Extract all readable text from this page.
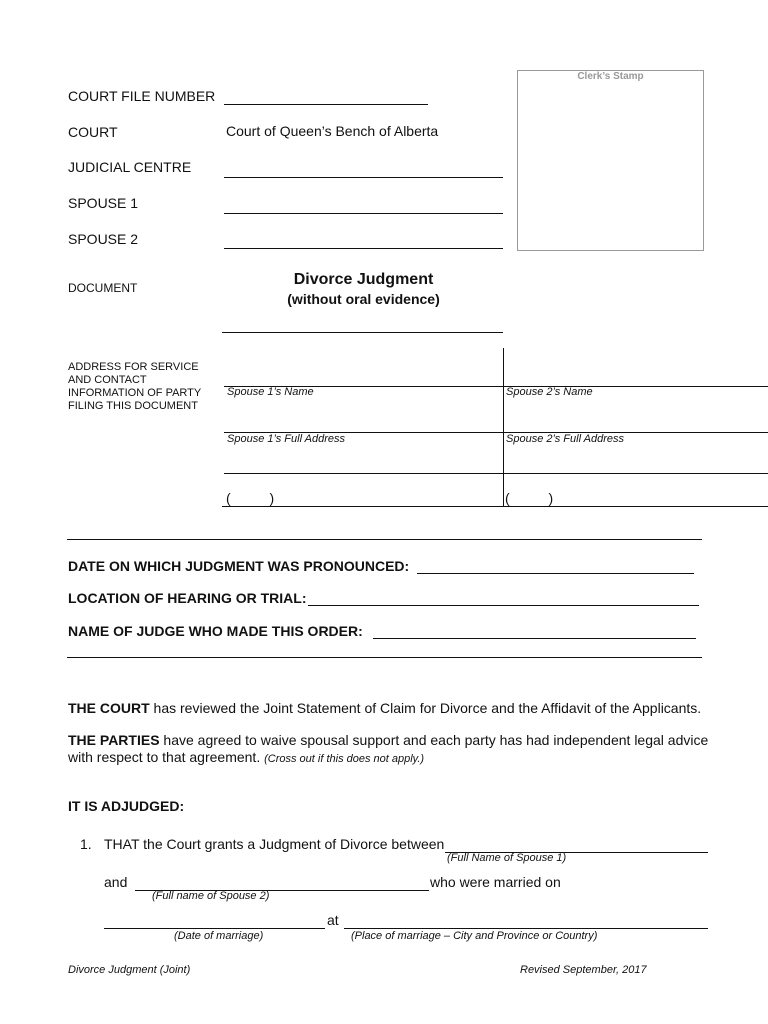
COURT FILE NUMBER
COURT	Court of Queen’s Bench of Alberta
JUDICIAL CENTRE
SPOUSE 1
SPOUSE 2
Clerk’s Stamp
DOCUMENT	Divorce Judgment
(without oral evidence)
ADDRESS FOR SERVICE
AND CONTACT
INFORMATION OF PARTY
FILING THIS DOCUMENT
Spouse 1’s Name	Spouse 2’s Name
Spouse 1’s Full Address	Spouse 2’s Full Address
(          )	(          )
DATE ON WHICH JUDGMENT WAS PRONOUNCED:
LOCATION OF HEARING OR TRIAL:
NAME OF JUDGE WHO MADE THIS ORDER:
THE COURT has reviewed the Joint Statement of Claim for Divorce and the Affidavit of the Applicants.
THE PARTIES have agreed to waive spousal support and each party has had independent legal advice
with respect to that agreement. (Cross out if this does not apply.)
IT IS ADJUDGED:
1. THAT the Court grants a Judgment of Divorce between
(Full Name of Spouse 1)
and	who were married on
(Full name of Spouse 2)
at
(Date of marriage)	(Place of marriage – City and Province or Country)
Divorce Judgment (Joint)	Revised September, 2017
